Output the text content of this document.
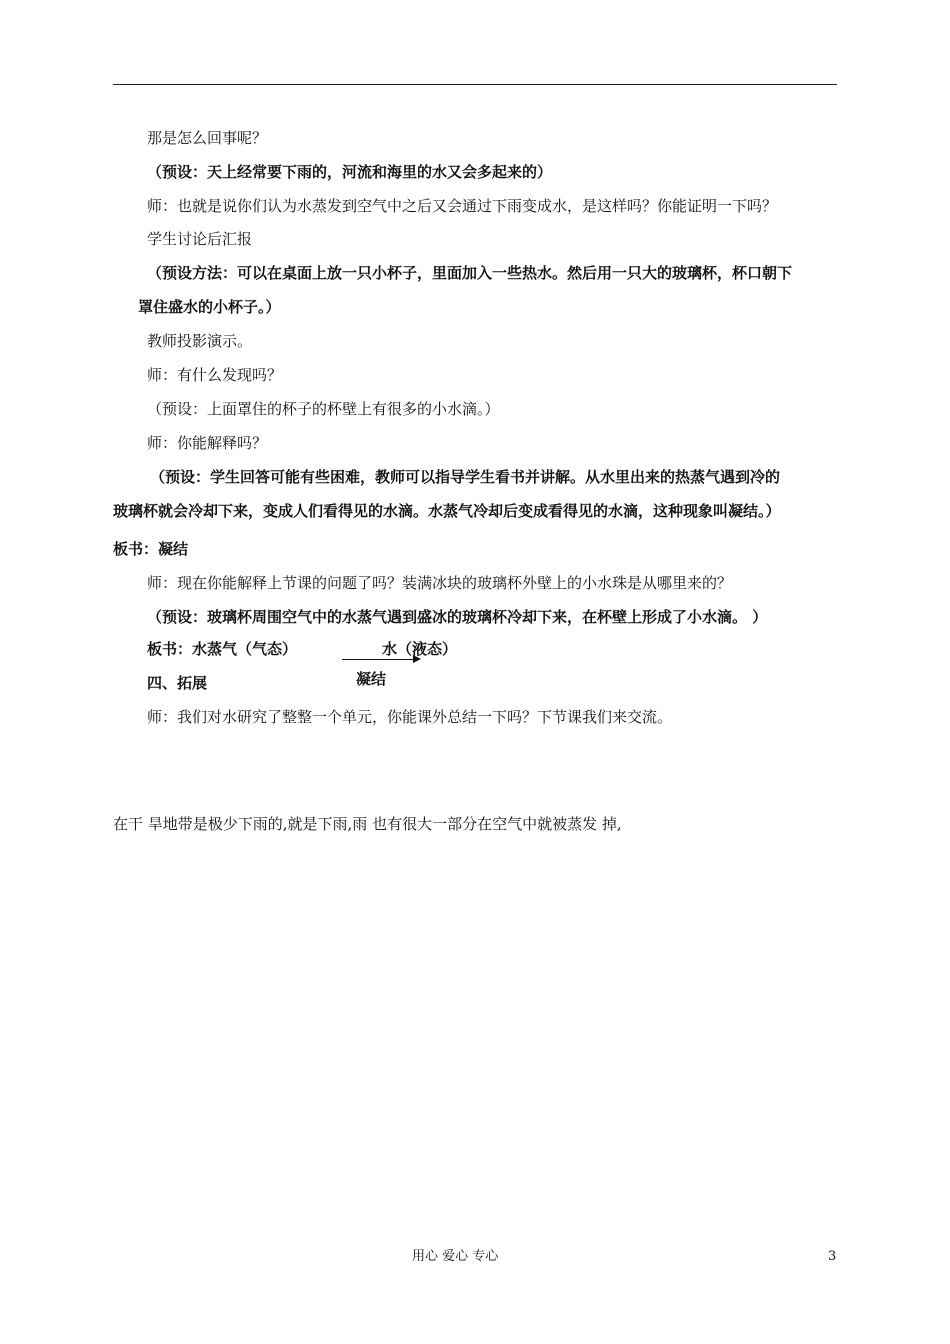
那是怎么回事呢？
（预设：天上经常要下雨的，河流和海里的水又会多起来的）
师：也就是说你们认为水蒸发到空气中之后又会通过下雨变成水，是这样吗？你能证明一下吗？
学生讨论后汇报
（预设方法：可以在桌面上放一只小杯子，里面加入一些热水。然后用一只大的玻璃杯，杯口朝下
罩住盛水的小杯子。）
教师投影演示。
师：有什么发现吗？
（预设：上面罩住的杯子的杯壁上有很多的小水滴。）
师：你能解释吗？
（预设：学生回答可能有些困难，教师可以指导学生看书并讲解。从水里出来的热蒸气遇到冷的
玻璃杯就会冷却下来，变成人们看得见的水滴。水蒸气冷却后变成看得见的水滴，这种现象叫凝结。）
板书：凝结
师：现在你能解释上节课的问题了吗？装满冰块的玻璃杯外壁上的小水珠是从哪里来的？
（预设：玻璃杯周围空气中的水蒸气遇到盛冰的玻璃杯冷却下来，在杯壁上形成了小水滴。 ）
板书：水蒸气（气态）	水（液态）
凝结
四、拓展
师：我们对水研究了整整一个单元，你能课外总结一下吗？下节课我们来交流。
在干 旱地带是极少下雨的,就是下雨,雨 也有很大一部分在空气中就被蒸发 掉,
用心 爱心 专心	3
